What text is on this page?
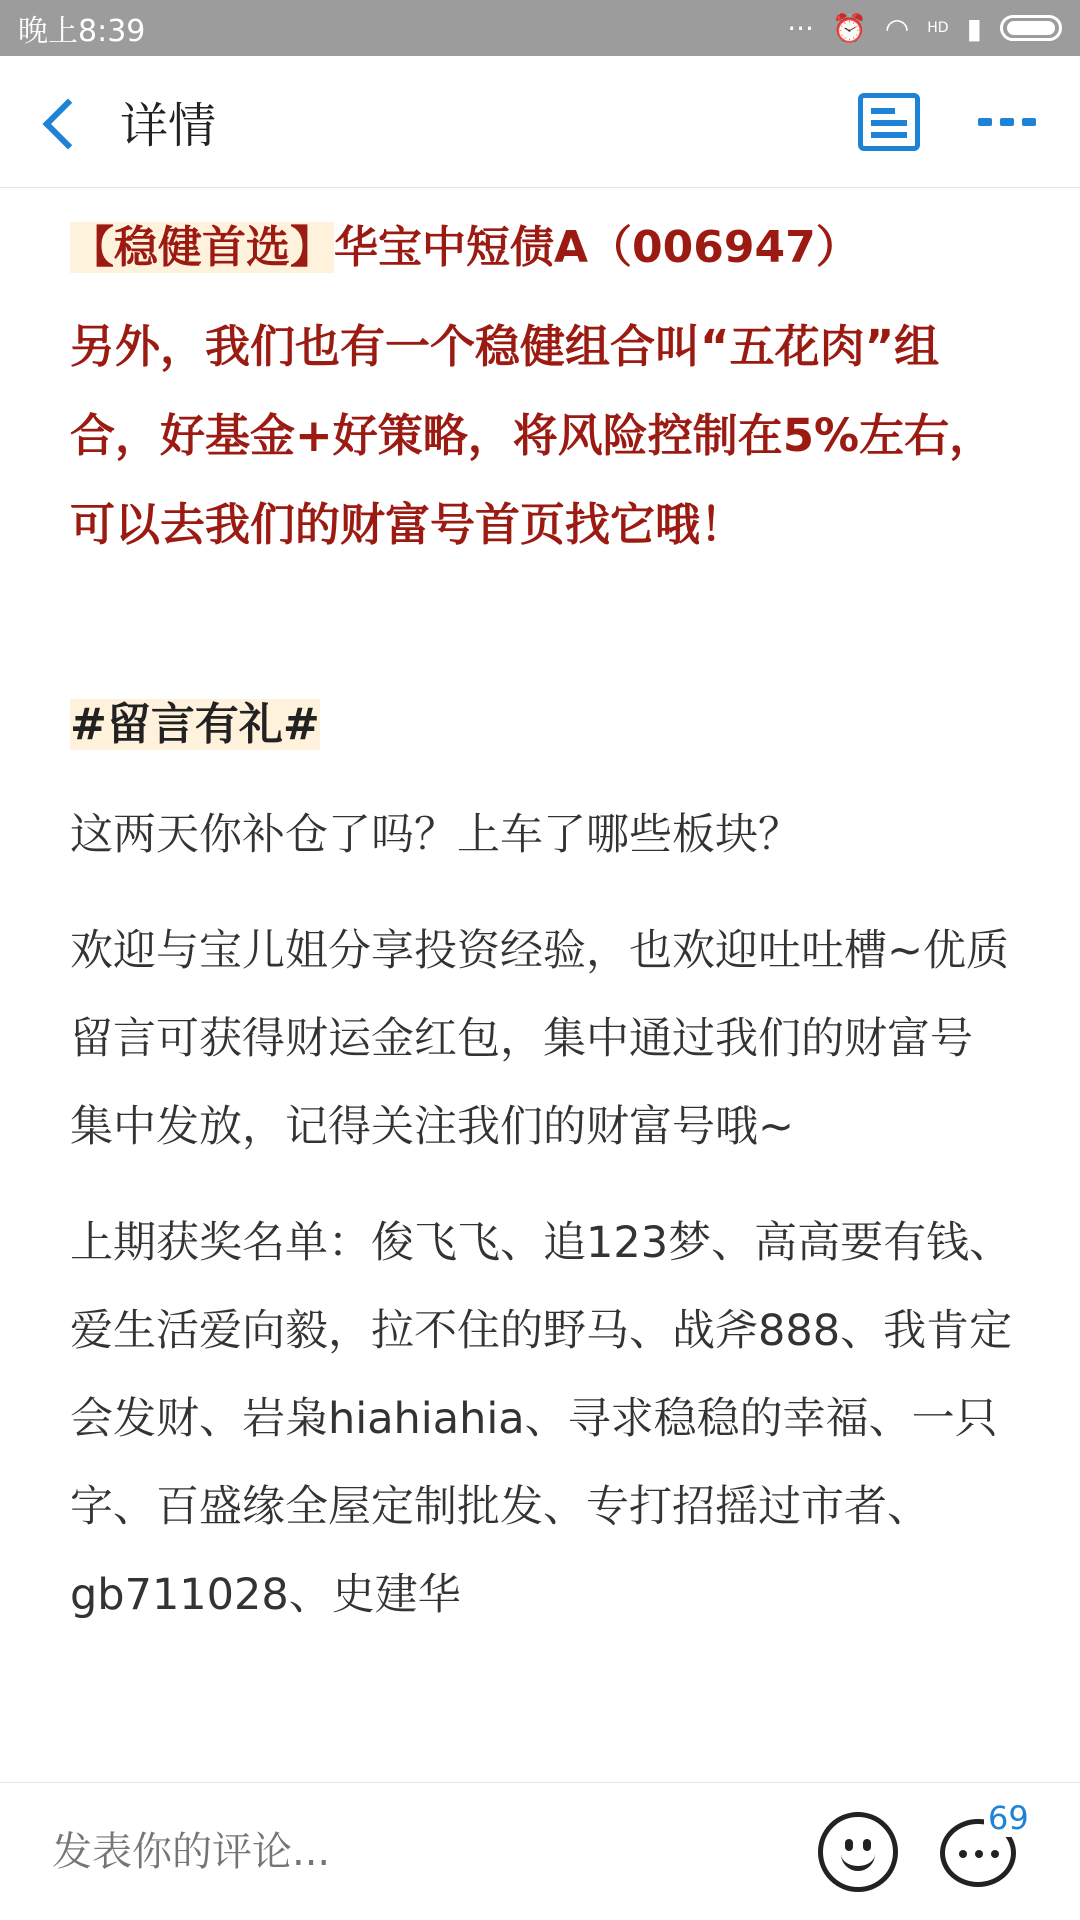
晚上8:39	··· ⏰ ◠ HD ▮
详情
【稳健首选】华宝中短债A（006947）
另外，我们也有一个稳健组合叫“五花肉”组合，好基金+好策略，将风险控制在5%左右，可以去我们的财富号首页找它哦！
#留言有礼#
这两天你补仓了吗？上车了哪些板块？
欢迎与宝儿姐分享投资经验，也欢迎吐吐槽~优质留言可获得财运金红包，集中通过我们的财富号集中发放，记得关注我们的财富号哦~
上期获奖名单：俊飞飞、追123梦、高高要有钱、爱生活爱向毅，拉不住的野马、战斧888、我肯定会发财、岩枭hiahiahia、寻求稳稳的幸福、一只字、百盛缘全屋定制批发、专打招摇过市者、gb711028、史建华
发表你的评论...
69
